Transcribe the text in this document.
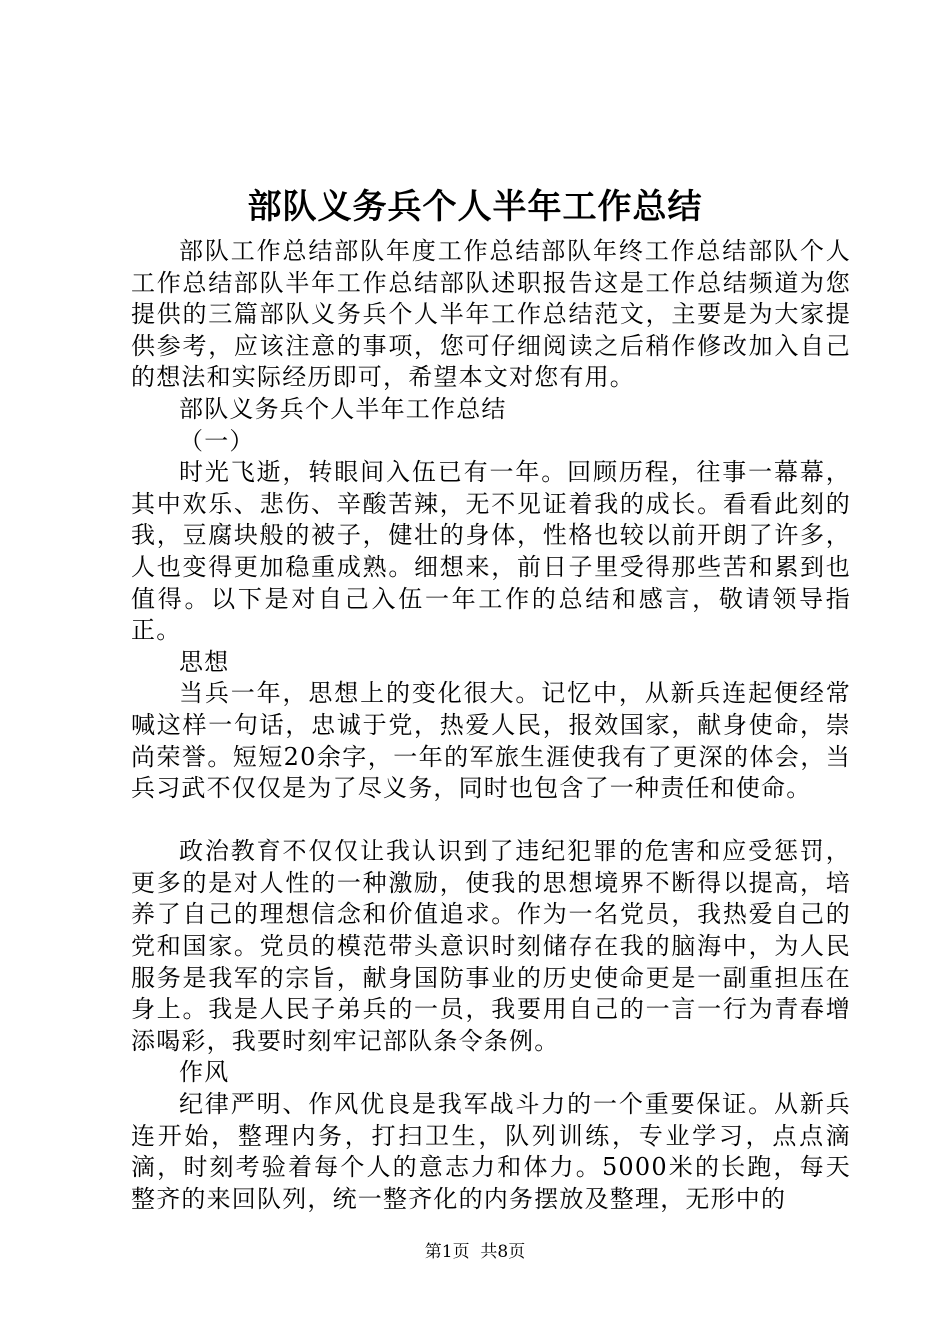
部队义务兵个人半年工作总结

部队工作总结部队年度工作总结部队年终工作总结部队个人工作总结部队半年工作总结部队述职报告这是工作总结频道为您提供的三篇部队义务兵个人半年工作总结范文，主要是为大家提供参考，应该注意的事项，您可仔细阅读之后稍作修改加入自己的想法和实际经历即可，希望本文对您有用。

部队义务兵个人半年工作总结

（一）

时光飞逝，转眼间入伍已有一年。回顾历程，往事一幕幕，其中欢乐、悲伤、辛酸苦辣，无不见证着我的成长。看看此刻的我，豆腐块般的被子，健壮的身体，性格也较以前开朗了许多，人也变得更加稳重成熟。细想来，前日子里受得那些苦和累到也值得。以下是对自己入伍一年工作的总结和感言，敬请领导指正。

思想

当兵一年，思想上的变化很大。记忆中，从新兵连起便经常喊这样一句话，忠诚于党，热爱人民，报效国家，献身使命，崇尚荣誉。短短20余字，一年的军旅生涯使我有了更深的体会，当兵习武不仅仅是为了尽义务，同时也包含了一种责任和使命。

政治教育不仅仅让我认识到了违纪犯罪的危害和应受惩罚，更多的是对人性的一种激励，使我的思想境界不断得以提高，培养了自己的理想信念和价值追求。作为一名党员，我热爱自己的党和国家。党员的模范带头意识时刻储存在我的脑海中，为人民服务是我军的宗旨，献身国防事业的历史使命更是一副重担压在身上。我是人民子弟兵的一员，我要用自己的一言一行为青春增添喝彩，我要时刻牢记部队条令条例。

作风

纪律严明、作风优良是我军战斗力的一个重要保证。从新兵连开始，整理内务，打扫卫生，队列训练，专业学习，点点滴滴，时刻考验着每个人的意志力和体力。5000米的长跑，每天整齐的来回队列，统一整齐化的内务摆放及整理，无形中的

第1页  共8页
